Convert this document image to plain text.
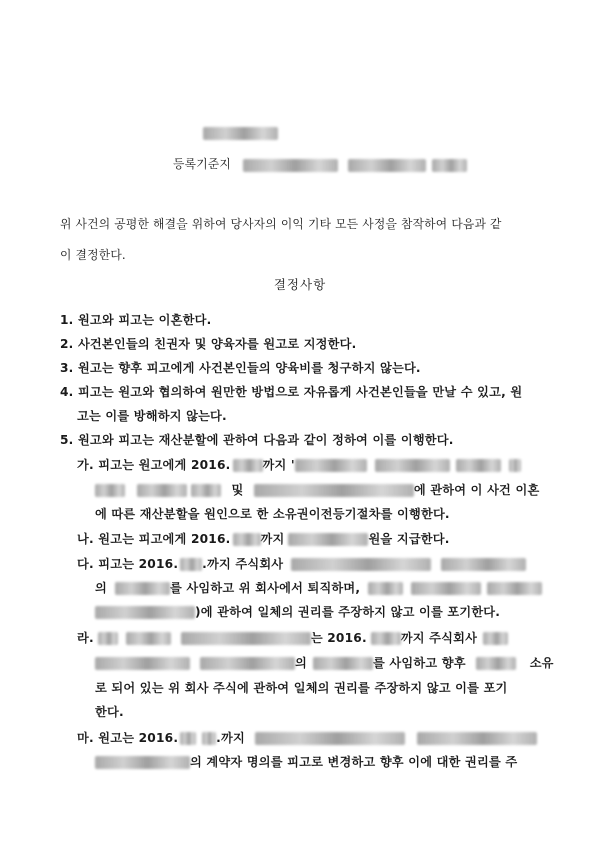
등록기준지
위 사건의 공평한 해결을 위하여 당사자의 이익 기타 모든 사정을 참작하여 다음과 같
이 결정한다.
결정사항
1. 원고와 피고는 이혼한다.
2. 사건본인들의 친권자 및 양육자를 원고로 지정한다.
3. 원고는 향후 피고에게 사건본인들의 양육비를 청구하지 않는다.
4. 피고는 원고와 협의하여 원만한 방법으로 자유롭게 사건본인들을 만날 수 있고, 원
고는 이를 방해하지 않는다.
5. 원고와 피고는 재산분할에 관하여 다음과 같이 정하여 이를 이행한다.
가. 피고는 원고에게 2016.	까지 '
및	에 관하여 이 사건 이혼
에 따른 재산분할을 원인으로 한 소유권이전등기절차를 이행한다.
나. 원고는 피고에게 2016. 까지	원을 지급한다.
다. 피고는 2016. .까지 주식회사
의	를 사임하고 위 회사에서 퇴직하며,
)에 관하여 일체의 권리를 주장하지 않고 이를 포기한다.
라.	는 2016.	까지 주식회사
의	를 사임하고 향후	소유
로 되어 있는 위 회사 주식에 관하여 일체의 권리를 주장하지 않고 이를 포기
한다.
마. 원고는 2016.	.까지
의 계약자 명의를 피고로 변경하고 향후 이에 대한 권리를 주
